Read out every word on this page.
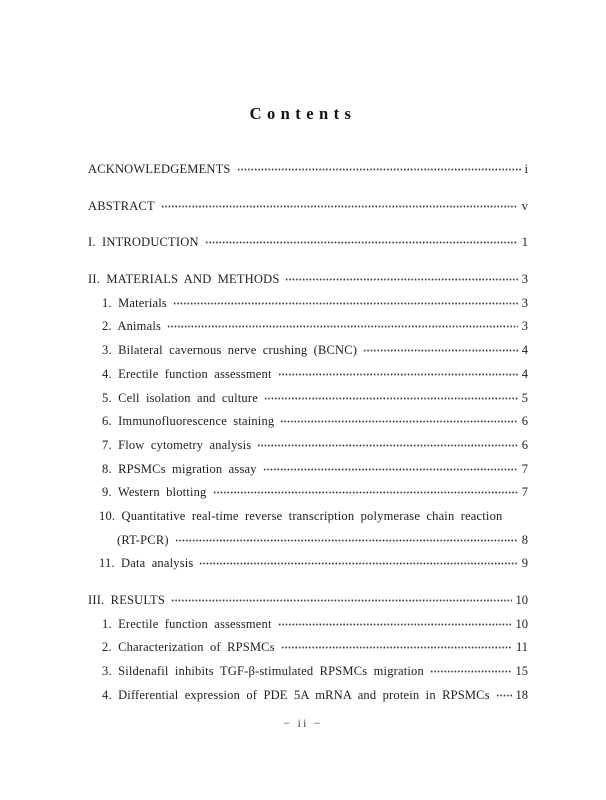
Contents
ACKNOWLEDGEMENTS	i
ABSTRACT	v
I. INTRODUCTION	1
II. MATERIALS AND METHODS	3
1. Materials	3
2. Animals	3
3. Bilateral cavernous nerve crushing (BCNC)	4
4. Erectile function assessment	4
5. Cell isolation and culture	5
6. Immunofluorescence staining	6
7. Flow cytometry analysis	6
8. RPSMCs migration assay	7
9. Western blotting	7
10. Quantitative real-time reverse transcription polymerase chain reaction
(RT-PCR)	8
11. Data analysis	9
III. RESULTS	10
1. Erectile function assessment	10
2. Characterization of RPSMCs	11
3. Sildenafil inhibits TGF-β-stimulated RPSMCs migration	15
4. Differential expression of PDE 5A mRNA and protein in RPSMCs 18
− ii −
